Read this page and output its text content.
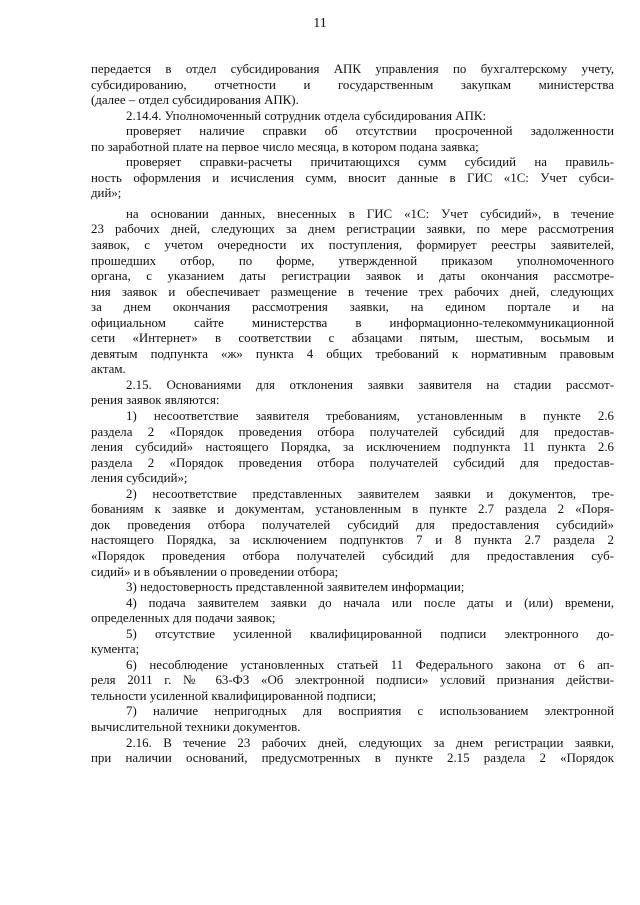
11
передается в отдел субсидирования АПК управления по бухгалтерскому учету,
субсидированию, отчетности и государственным закупкам министерства
(далее – отдел субсидирования АПК).
2.14.4. Уполномоченный сотрудник отдела субсидирования АПК:
проверяет наличие справки об отсутствии просроченной задолженности
по заработной плате на первое число месяца, в котором подана заявка;
проверяет справки-расчеты причитающихся сумм субсидий на правиль-
ность оформления и исчисления сумм, вносит данные в ГИС «1С: Учет субси-
дий»;
на основании данных, внесенных в ГИС «1С: Учет субсидий», в течение
23 рабочих дней, следующих за днем регистрации заявки, по мере рассмотрения
заявок, с учетом очередности их поступления, формирует реестры заявителей,
прошедших отбор, по форме, утвержденной приказом уполномоченного
органа, с указанием даты регистрации заявок и даты окончания рассмотре-
ния заявок и обеспечивает размещение в течение трех рабочих дней, следующих
за днем окончания рассмотрения заявки, на едином портале и на
официальном сайте министерства в информационно-телекоммуникационной
сети «Интернет» в соответствии с абзацами пятым, шестым, восьмым и
девятым подпункта «ж» пункта 4 общих требований к нормативным правовым
актам.
2.15. Основаниями для отклонения заявки заявителя на стадии рассмот-
рения заявок являются:
1) несоответствие заявителя требованиям, установленным в пункте 2.6
раздела 2 «Порядок проведения отбора получателей субсидий для предостав-
ления субсидий» настоящего Порядка, за исключением подпункта 11 пункта 2.6
раздела 2 «Порядок проведения отбора получателей субсидий для предостав-
ления субсидий»;
2) несоответствие представленных заявителем заявки и документов, тре-
бованиям к заявке и документам, установленным в пункте 2.7 раздела 2 «Поря-
док проведения отбора получателей субсидий для предоставления субсидий»
настоящего Порядка, за исключением подпунктов 7 и 8 пункта 2.7 раздела 2
«Порядок проведения отбора получателей субсидий для предоставления суб-
сидий» и в объявлении о проведении отбора;
3) недостоверность представленной заявителем информации;
4) подача заявителем заявки до начала или после даты и (или) времени,
определенных для подачи заявок;
5) отсутствие усиленной квалифицированной подписи электронного до-
кумента;
6) несоблюдение установленных статьей 11 Федерального закона от 6 ап-
реля 2011 г. № 63-ФЗ «Об электронной подписи» условий признания действи-
тельности усиленной квалифицированной подписи;
7) наличие непригодных для восприятия с использованием электронной
вычислительной техники документов.
2.16. В течение 23 рабочих дней, следующих за днем регистрации заявки,
при наличии оснований, предусмотренных в пункте 2.15 раздела 2 «Порядок
